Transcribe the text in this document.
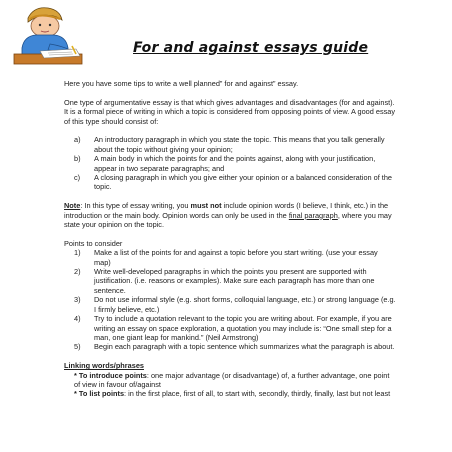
For and against essays guide

Here you have some tips to write a well planned” for and against” essay.

One type of argumentative essay is that which gives advantages and disadvantages (for and against). It is a formal piece of writing in which a topic is considered from opposing points of view. A good essay of this type should consist of:

a) An introductory paragraph in which you state the topic. This means that you talk generally about the topic without giving your opinion;
b) A main body in which the points for and the points against, along with your justification, appear in two separate paragraphs; and
c) A closing paragraph in which you give either your opinion or a balanced consideration of the topic.

Note: In this type of essay writing, you must not include opinion words (I believe, I think, etc.) in the introduction or the main body. Opinion words can only be used in the final paragraph, where you may state your opinion on the topic.

Points to consider

1) Make a list of the points for and against a topic before you start writing. (use your essay map)
2) Write well-developed paragraphs in which the points you present are supported with justification. (i.e. reasons or examples). Make sure each paragraph has more than one sentence.
3) Do not use informal style (e.g. short forms, colloquial language, etc.) or strong language (e.g. I firmly believe, etc.)
4) Try to include a quotation relevant to the topic you are writing about. For example, if you are writing an essay on space exploration, a quotation you may include is: “One small step for a man, one giant leap for mankind.” (Neil Armstrong)
5) Begin each paragraph with a topic sentence which summarizes what the paragraph is about.

Linking words/phrases

* To introduce points: one major advantage (or disadvantage) of, a further advantage, one point of view in favour of/against

* To list points: in the first place, first of all, to start with, secondly, thirdly, finally, last but not least
